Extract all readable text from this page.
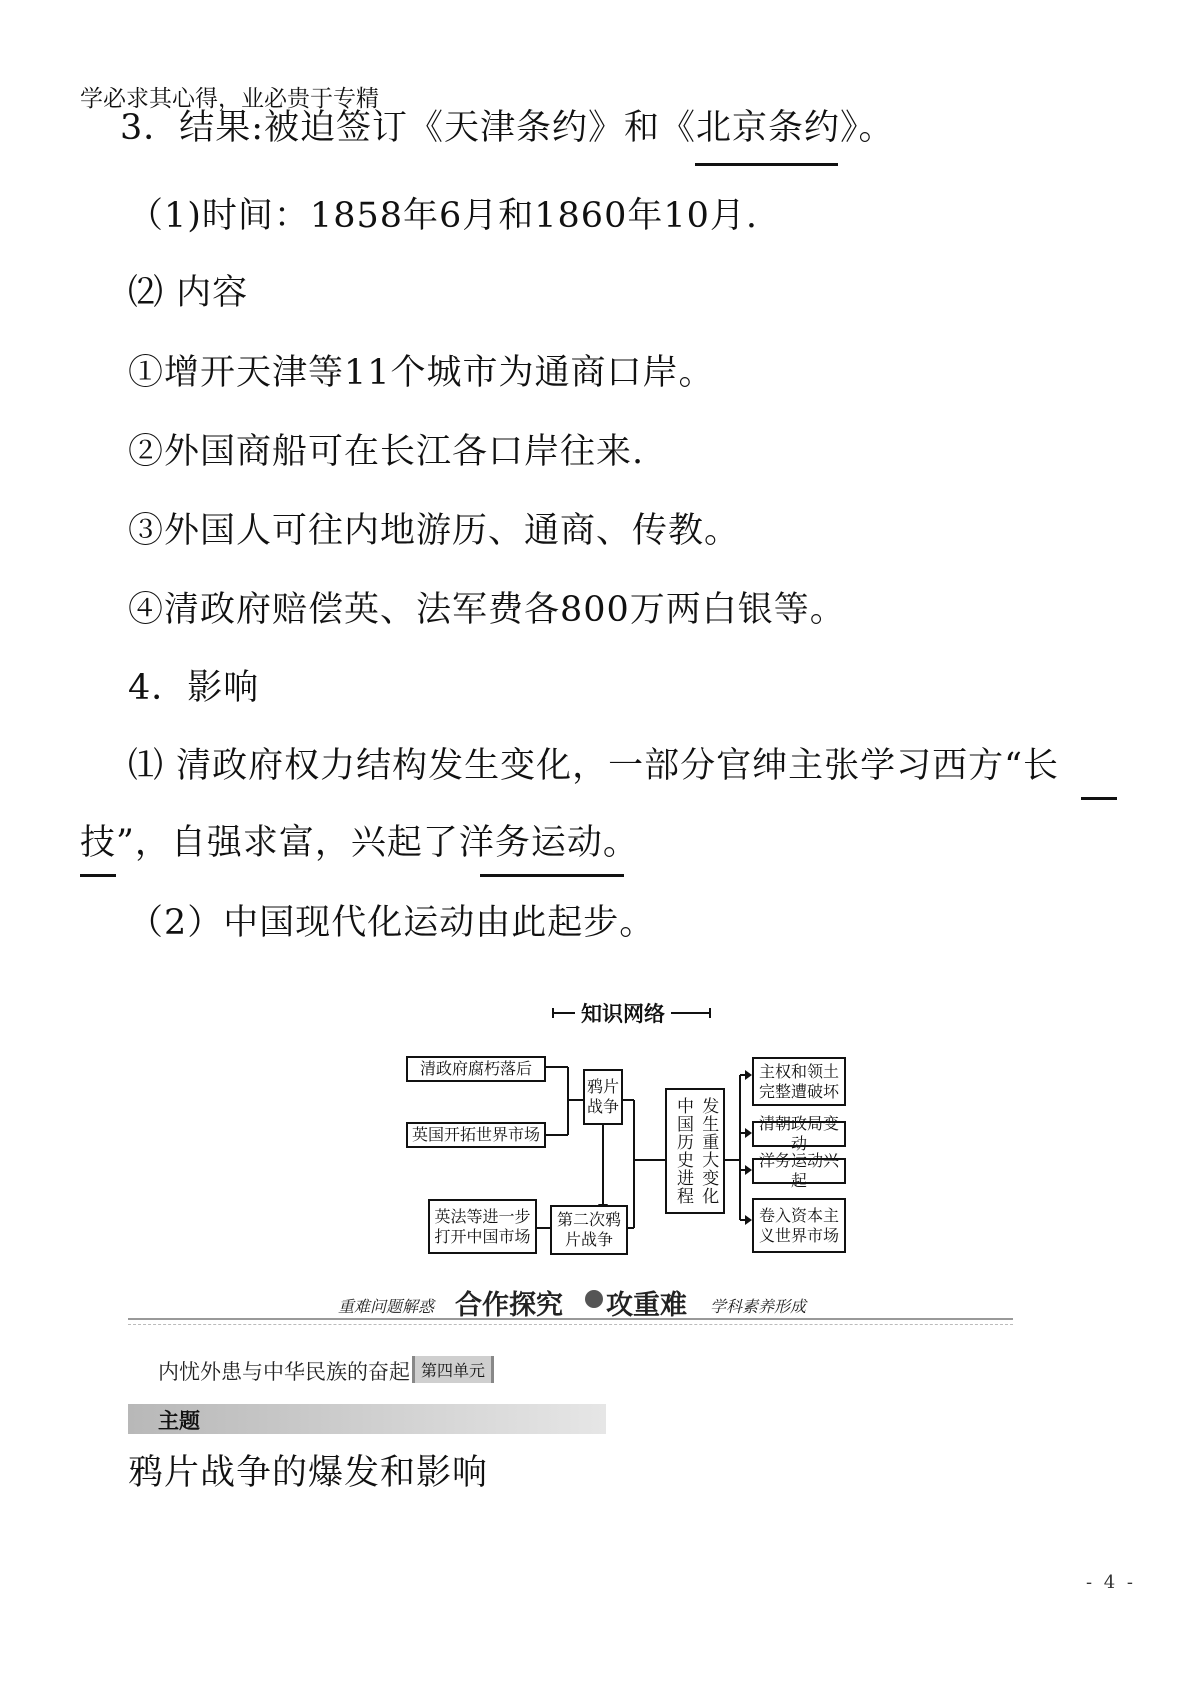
学必求其心得，业必贵于专精
3．结果:被迫签订《天津条约》和《北京条约》。
（1)时间：1858年6月和1860年10月.
⑵ 内容
①增开天津等11个城市为通商口岸。
②外国商船可在长江各口岸往来.
③外国人可往内地游历、通商、传教。
④清政府赔偿英、法军费各800万两白银等。
4．影响
⑴ 清政府权力结构发生变化，一部分官绅主张学习西方“长
技”，自强求富，兴起了洋务运动。
（2）中国现代化运动由此起步。
知识网络
清政府腐朽落后
英国开拓世界市场
英法等进一步打开中国市场
鸦片战争
第二次鸦片战争
中国历史进程 发生重大变化
主权和领土完整遭破坏
清朝政局变动
洋务运动兴起
卷入资本主义世界市场
重难问题解惑 合作探究 攻重难 学科素养形成
内忧外患与中华民族的奋起 第四单元
主题
鸦片战争的爆发和影响
- 4 -
